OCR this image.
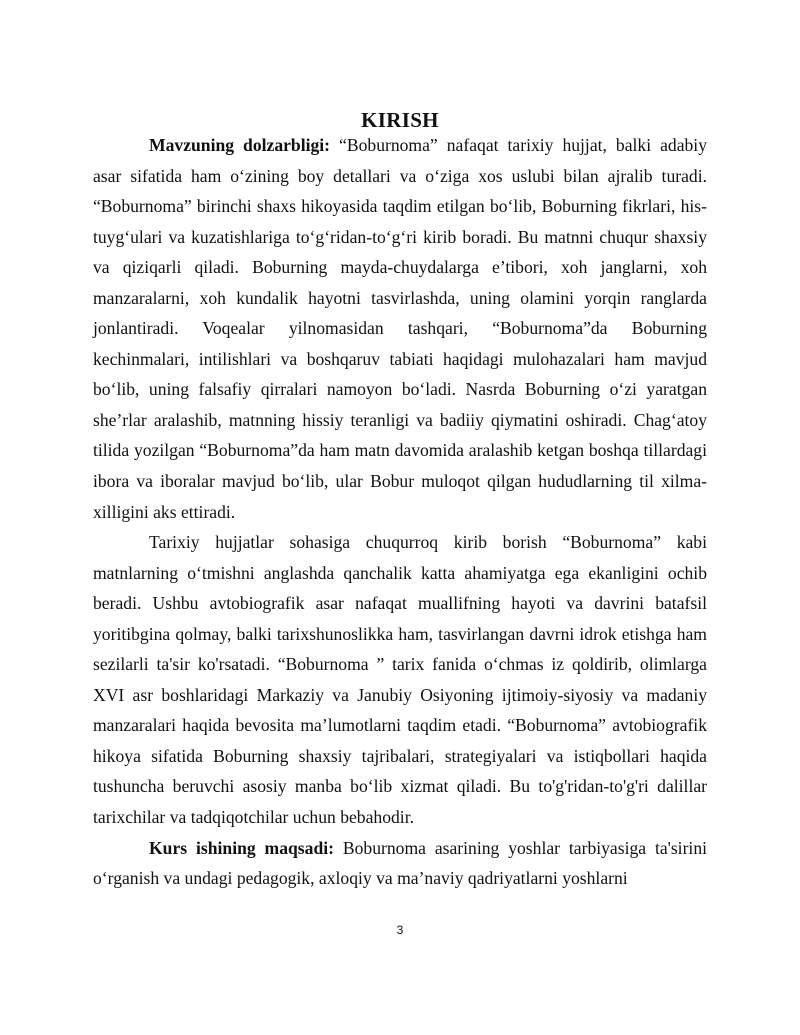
KIRISH

Mavzuning dolzarbligi: “Boburnoma” nafaqat tarixiy hujjat, balki adabiy asar sifatida ham o‘zining boy detallari va o‘ziga xos uslubi bilan ajralib turadi. “Boburnoma” birinchi shaxs hikoyasida taqdim etilgan bo‘lib, Boburning fikrlari, his-tuyg‘ulari va kuzatishlariga to‘g‘ridan-to‘g‘ri kirib boradi. Bu matnni chuqur shaxsiy va qiziqarli qiladi. Boburning mayda-chuydalarga e’tibori, xoh janglarni, xoh manzaralarni, xoh kundalik hayotni tasvirlashda, uning olamini yorqin ranglarda jonlantiradi. Voqealar yilnomasidan tashqari, “Boburnoma”da Boburning kechinmalari, intilishlari va boshqaruv tabiati haqidagi mulohazalari ham mavjud bo‘lib, uning falsafiy qirralari namoyon bo‘ladi. Nasrda Boburning o‘zi yaratgan she’rlar aralashib, matnning hissiy teranligi va badiiy qiymatini oshiradi. Chag‘atoy tilida yozilgan “Boburnoma”da ham matn davomida aralashib ketgan boshqa tillardagi ibora va iboralar mavjud bo‘lib, ular Bobur muloqot qilgan hududlarning til xilma-xilligini aks ettiradi.

Tarixiy hujjatlar sohasiga chuqurroq kirib borish “Boburnoma” kabi matnlarning o‘tmishni anglashda qanchalik katta ahamiyatga ega ekanligini ochib beradi. Ushbu avtobiografik asar nafaqat muallifning hayoti va davrini batafsil yoritibgina qolmay, balki tarixshunoslikka ham, tasvirlangan davrni idrok etishga ham sezilarli ta'sir ko'rsatadi. “Boburnoma ” tarix fanida o‘chmas iz qoldirib, olimlarga XVI asr boshlaridagi Markaziy va Janubiy Osiyoning ijtimoiy-siyosiy va madaniy manzaralari haqida bevosita ma’lumotlarni taqdim etadi. “Boburnoma” avtobiografik hikoya sifatida Boburning shaxsiy tajribalari, strategiyalari va istiqbollari haqida tushuncha beruvchi asosiy manba bo‘lib xizmat qiladi. Bu to'g'ridan-to'g'ri dalillar tarixchilar va tadqiqotchilar uchun bebahodir.

Kurs ishining maqsadi: Boburnoma asarining yoshlar tarbiyasiga ta'sirini o‘rganish va undagi pedagogik, axloqiy va ma’naviy qadriyatlarni yoshlarni

3
